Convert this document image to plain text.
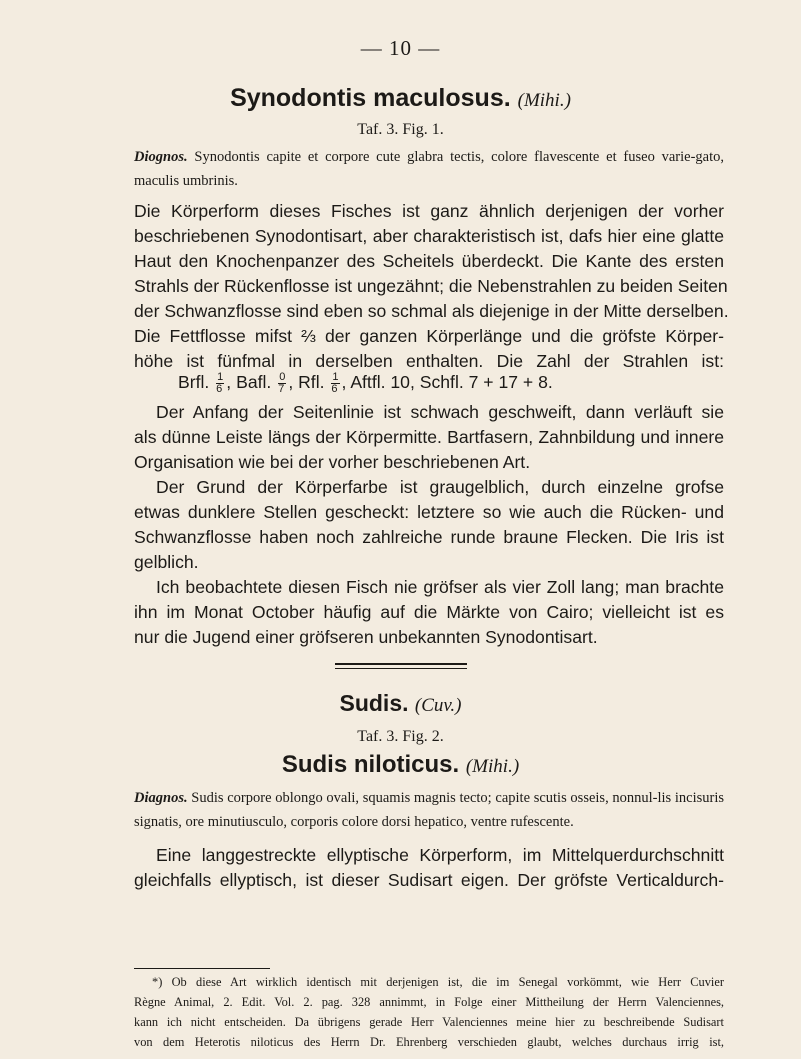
— 10 —
Synodontis maculosus. (Mihi.)
Taf. 3. Fig. 1.
Diognos. Synodontis capite et corpore cute glabra tectis, colore flavescente et fuseo varie-gato, maculis umbrinis.
Die Körperform dieses Fisches ist ganz ähnlich derjenigen der vorher
beschriebenen Synodontisart, aber charakteristisch ist, dafs hier eine glatte
Haut den Knochenpanzer des Scheitels überdeckt. Die Kante des ersten
Strahls der Rückenflosse ist ungezähnt; die Nebenstrahlen zu beiden Seiten
der Schwanzflosse sind eben so schmal als diejenige in der Mitte derselben.
Die Fettflosse mifst ⅔ der ganzen Körperlänge und die gröfste Körper-
höhe ist fünfmal in derselben enthalten. Die Zahl der Strahlen ist:
Brfl. $\frac{1}{6}$ , Bafl. $\frac{0}{7}$ , Rfl. $\frac{1}{6}$ , Aftfl. 10, Schfl. 7 + 17 + 8.
Der Anfang der Seitenlinie ist schwach geschweift, dann verläuft sie
als dünne Leiste längs der Körpermitte. Bartfasern, Zahnbildung und innere
Organisation wie bei der vorher beschriebenen Art.
Der Grund der Körperfarbe ist graugelblich, durch einzelne grofse
etwas dunklere Stellen gescheckt: letztere so wie auch die Rücken- und
Schwanzflosse haben noch zahlreiche runde braune Flecken. Die Iris ist
gelblich.
Ich beobachtete diesen Fisch nie gröfser als vier Zoll lang; man brachte
ihn im Monat October häufig auf die Märkte von Cairo; vielleicht ist es
nur die Jugend einer gröfseren unbekannten Synodontisart.
Sudis. (Cuv.)
Taf. 3. Fig. 2.
Sudis niloticus. (Mihi.)
Diagnos. Sudis corpore oblongo ovali, squamis magnis tecto; capite scutis osseis, nonnul-lis incisuris signatis, ore minutiusculo, corporis colore dorsi hepatico, ventre rufescente.
Eine langgestreckte ellyptische Körperform, im Mittelquerdurchschnitt
gleichfalls ellyptisch, ist dieser Sudisart eigen. Der gröfste Verticaldurch-
*) Ob diese Art wirklich identisch mit derjenigen ist, die im Senegal vorkömmt, wie Herr Cuvier
Règne Animal, 2. Edit. Vol. 2. pag. 328 annimmt, in Folge einer Mittheilung der Herrn Valenciennes,
kann ich nicht entscheiden. Da übrigens gerade Herr Valenciennes meine hier zu beschreibende Sudisart
von dem Heterotis niloticus des Herrn Dr. Ehrenberg verschieden glaubt, welches durchaus irrig ist,
